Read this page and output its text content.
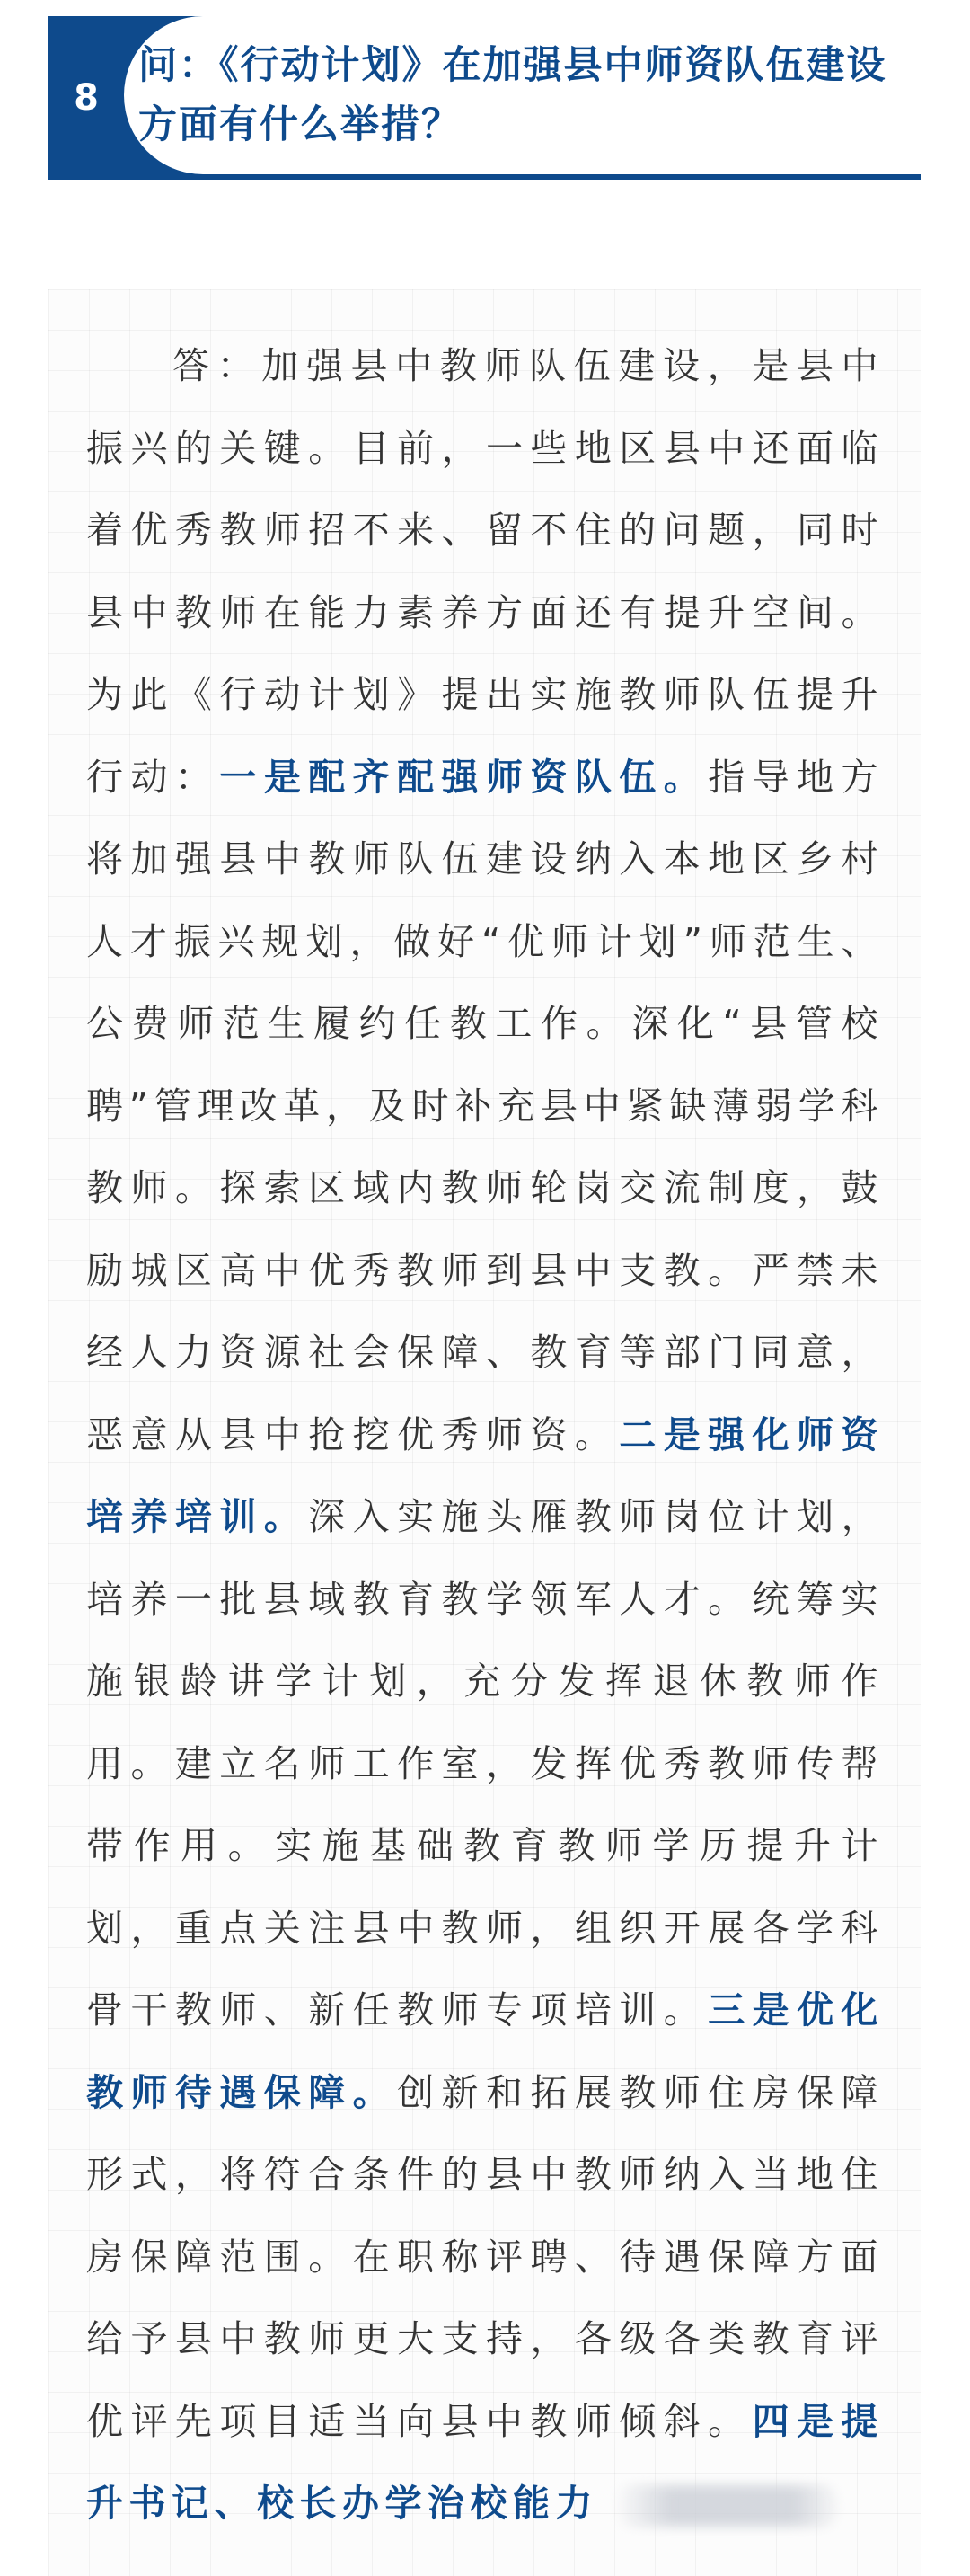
8
问：《行动计划》在加强县中师资队伍建设方面有什么举措？

答：加强县中教师队伍建设，是县中振兴的关键。目前，一些地区县中还面临着优秀教师招不来、留不住的问题，同时县中教师在能力素养方面还有提升空间。为此《行动计划》提出实施教师队伍提升行动：一是配齐配强师资队伍。指导地方将加强县中教师队伍建设纳入本地区乡村人才振兴规划，做好“优师计划”师范生、公费师范生履约任教工作。深化“县管校聘”管理改革，及时补充县中紧缺薄弱学科教师。探索区域内教师轮岗交流制度，鼓励城区高中优秀教师到县中支教。严禁未经人力资源社会保障、教育等部门同意，恶意从县中抢挖优秀师资。二是强化师资培养培训。深入实施头雁教师岗位计划，培养一批县域教育教学领军人才。统筹实施银龄讲学计划，充分发挥退休教师作用。建立名师工作室，发挥优秀教师传帮带作用。实施基础教育教师学历提升计划，重点关注县中教师，组织开展各学科骨干教师、新任教师专项培训。三是优化教师待遇保障。创新和拓展教师住房保障形式，将符合条件的县中教师纳入当地住房保障范围。在职称评聘、待遇保障方面给予县中教师更大支持，各级各类教育评优评先项目适当向县中教师倾斜。四是提升书记、校长办学治校能力
